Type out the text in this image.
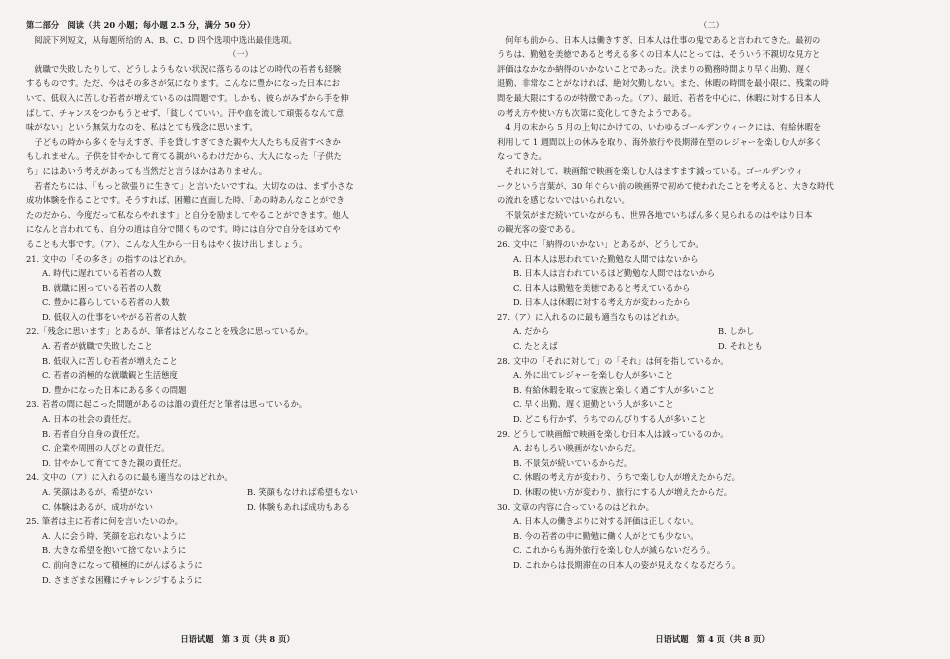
第二部分　阅读（共 20 小题；每小题 2.5 分，满分 50 分）
　阅読下列短文，从每题所给的 A、B、C、D 四个选项中选出最佳选项。
（一）
　就職で失敗したりして、どうしようもない状況に落ちるのはどの時代の若者も経験
するものです。ただ、今はその多さが気になります。こんなに豊かになった日本にお
いて、低収入に苦しむ若者が増えているのは問題です。しかも、彼らがみずから手を伸
ばして、チャンスをつかもうとせず、「貧しくていい。汗や血を流して頑張るなんて意
味がない」という無気力なのを、私はとても残念に思います。
　子どもの時から多くを与えすぎ、手を貸しすぎてきた親や大人たちも反省すべきか
もしれません。子供を甘やかして育てる親がいるわけだから、大人になった「子供た
ち」にはあいう考えがあっても当然だと言うほかはありません。
　若者たちには、「もっと欲張りに生きて」と言いたいですね。大切なのは、まず小さな
成功体験を作ることです。そうすれば、困難に直面した時、「あの時あんなことができ
たのだから、今度だって私ならやれます」と自分を励ましてやることができます。他人
になんと言われても、自分の道は自分で開くものです。時には自分で自分をほめてや
ることも大事です。（ア）、こんな人生から一日もはやく抜け出しましょう。
21. 文中の「その多さ」の指すのはどれか。
A. 時代に遅れている若者の人数
B. 就職に困っている若者の人数
C. 豊かに暮らしている若者の人数
D. 低収入の仕事をいやがる若者の人数
22.「残念に思います」とあるが、筆者はどんなことを残念に思っているか。
A. 若者が就職で失敗したこと
B. 低収入に苦しむ若者が増えたこと
C. 若者の消極的な就職観と生活態度
D. 豊かになった日本にある多くの問題
23. 若者の間に起こった問題があるのは誰の責任だと筆者は思っているか。
A. 日本の社会の責任だ。
B. 若者自分自身の責任だ。
C. 企業や周囲の人びとの責任だ。
D. 甘やかして育ててきた親の責任だ。
24. 文中の（ア）に入れるのに最も適当なのはどれか。
A. 笑顔はあるが、希望がない	B. 笑顔もなければ希望もない
C. 体験はあるが、成功がない	D. 体験もあれば成功もある
25. 筆者は主に若者に何を言いたいのか。
A. 人に会う時、笑顔を忘れないように
B. 大きな希望を抱いて捨てないように
C. 前向きになって積極的にがんばるように
D. さまざまな困難にチャレンジするように
日语试题　第 3 页（共 8 页）
（二）
　何年も前から、日本人は働きすぎ、日本人は仕事の鬼であると言われてきた。最初の
うちは、勤勉を美徳であると考える多くの日本人にとっては、そういう不親切な見方と
評価はなかなか納得のいかないことであった。決まりの勤務時間より早く出勤、遅く
退勤、非常なことがなければ、絶対欠勤しない。また、休暇の時間を最小限に、残業の時
間を最大限にするのが特徴であった。（ア）、最近、若者を中心に、休暇に対する日本人
の考え方や使い方も次第に変化してきたようである。
　4 月の末から 5 月の上旬にかけての、いわゆるゴールデンウィークには、有給休暇を
利用して 1 週間以上の休みを取り、海外旅行や長期滞在型のレジャーを楽しむ人が多く
なってきた。
　それに対して、映画館で映画を楽しむ人はますます減っている。ゴールデンウィ
ークという言葉が、30 年ぐらい前の映画界で初めて使われたことを考えると、大きな時代
の流れを感じないではいられない。
　不景気がまだ続いていながらも、世界各地でいちばん多く見られるのはやはり日本
の観光客の姿である。
26. 文中に「納得のいかない」とあるが、どうしてか。
A. 日本人は思われていた勤勉な人間ではないから
B. 日本人は言われているほど勤勉な人間ではないから
C. 日本人は勤勉を美徳であると考えているから
D. 日本人は休暇に対する考え方が変わったから
27.（ア）に入れるのに最も適当なものはどれか。
A. だから	B. しかし
C. たとえば	D. それとも
28. 文中の「それに対して」の「それ」は何を指しているか。
A. 外に出てレジャーを楽しむ人が多いこと
B. 有給休暇を取って家族と楽しく過ごす人が多いこと
C. 早く出勤、遅く退勤という人が多いこと
D. どこも行かず、うちでのんびりする人が多いこと
29. どうして映画館で映画を楽しむ日本人は減っているのか。
A. おもしろい映画がないからだ。
B. 不景気が続いているからだ。
C. 休暇の考え方が変わり、うちで楽しむ人が増えたからだ。
D. 休暇の使い方が変わり、旅行にする人が増えたからだ。
30. 文章の内容に合っているのはどれか。
A. 日本人の働きぶりに対する評価は正しくない。
B. 今の若者の中に勤勉に働く人がとても少ない。
C. これからも海外旅行を楽しむ人が減らないだろう。
D. これからは長期滞在の日本人の姿が見えなくなるだろう。
日语试题　第 4 页（共 8 页）
